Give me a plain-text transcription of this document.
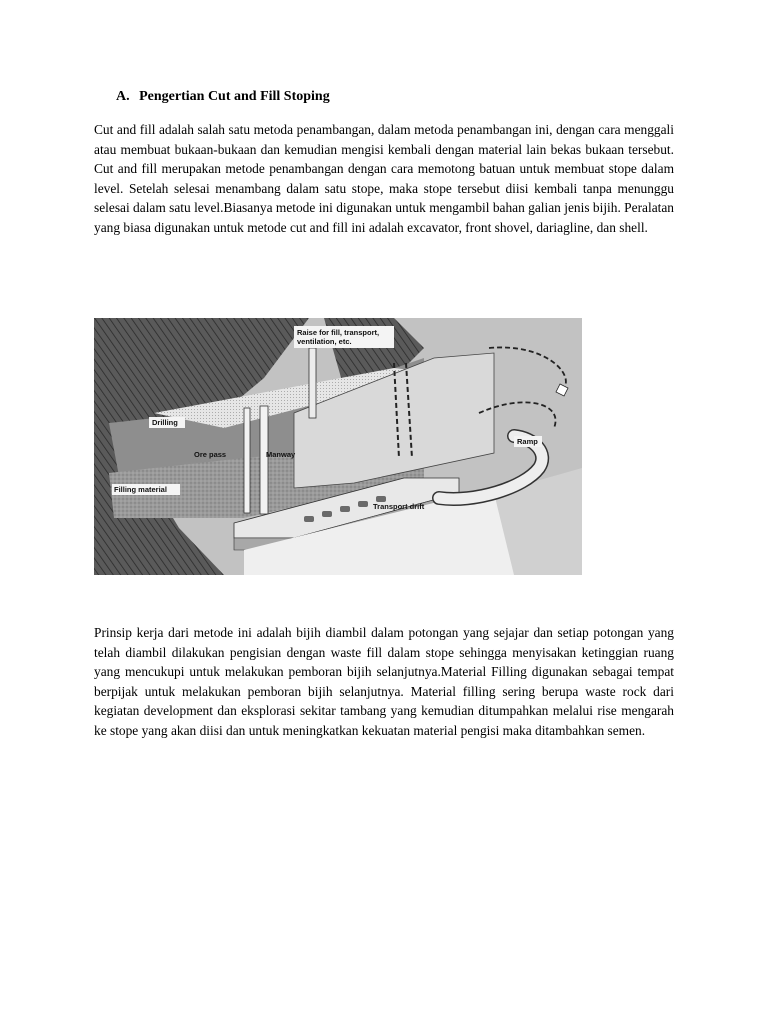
A. Pengertian Cut and Fill Stoping

Cut and fill adalah salah satu metoda penambangan, dalam metoda penambangan ini, dengan cara menggali atau membuat bukaan-bukaan dan kemudian mengisi kembali dengan material lain bekas bukaan tersebut. Cut and fill merupakan metode penambangan dengan cara memotong batuan untuk membuat stope dalam level. Setelah selesai menambang dalam satu stope, maka stope tersebut diisi kembali tanpa menunggu selesai dalam satu level.Biasanya metode ini digunakan untuk mengambil bahan galian jenis bijih. Peralatan yang biasa digunakan untuk metode cut and fill ini adalah excavator, front shovel, dariagline, dan shell.

Raise for fill, transport,
ventilation, etc.
Drilling
Ore pass	Manway
Filling material
Ramp
Transport drift

Prinsip kerja dari metode ini adalah bijih diambil dalam potongan yang sejajar dan setiap potongan yang telah diambil dilakukan pengisian dengan waste fill dalam stope sehingga menyisakan ketinggian ruang yang mencukupi untuk melakukan pemboran bijih selanjutnya.Material Filling digunakan sebagai tempat berpijak untuk melakukan pemboran bijih selanjutnya. Material filling sering berupa waste rock dari kegiatan development dan eksplorasi sekitar tambang yang kemudian ditumpahkan melalui rise mengarah ke stope yang akan diisi dan untuk meningkatkan kekuatan material pengisi maka ditambahkan semen.
